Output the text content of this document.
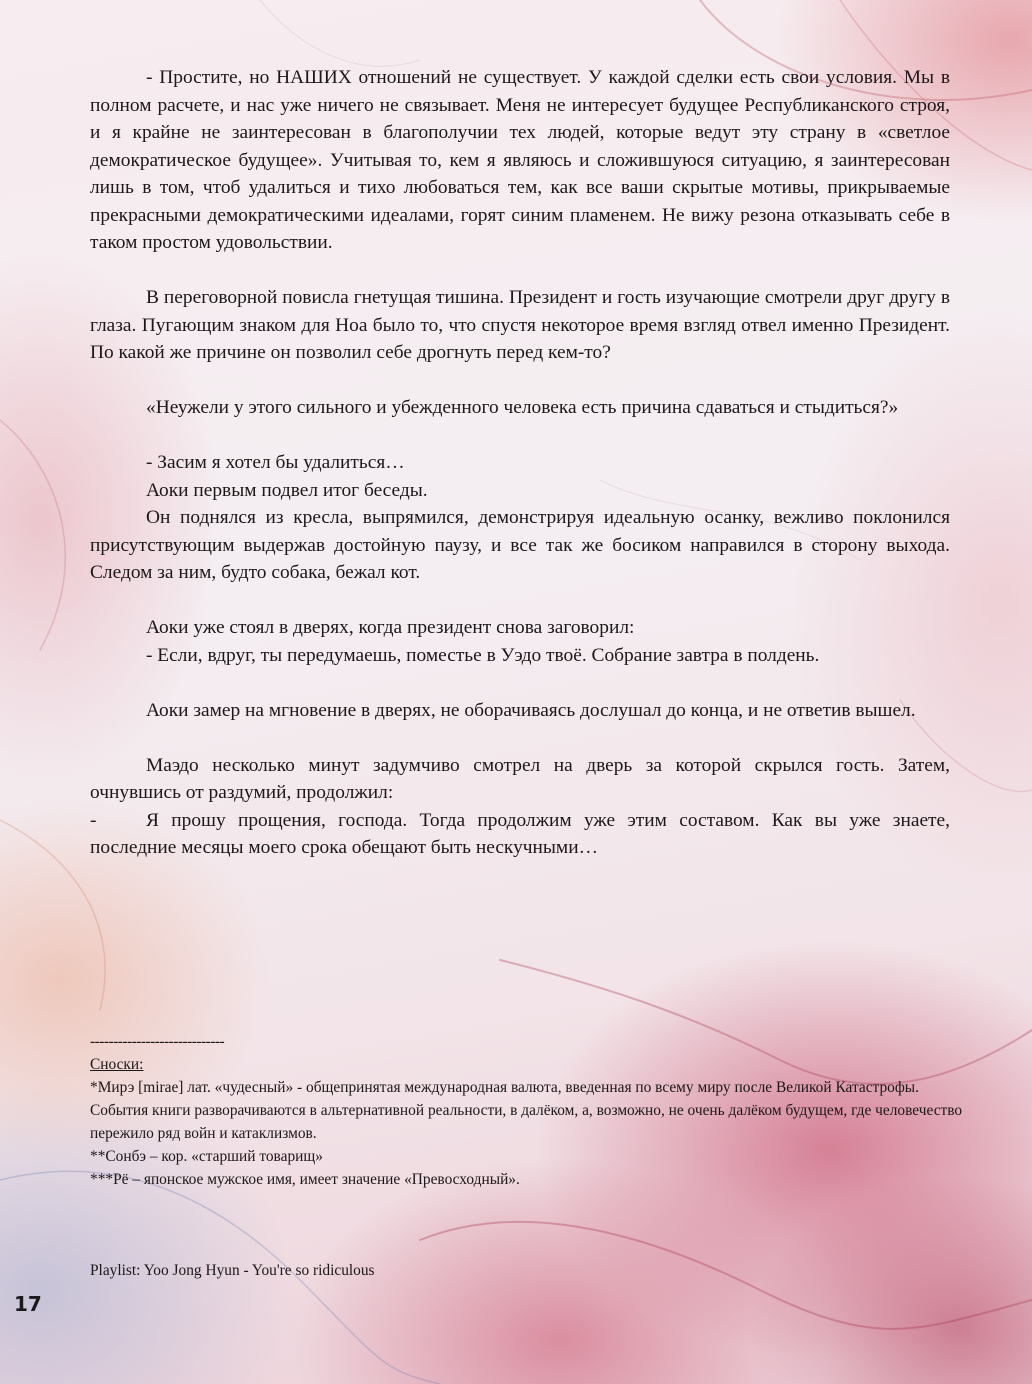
- Простите, но НАШИХ отношений не существует. У каждой сделки есть свои условия. Мы в полном расчете, и нас уже ничего не связывает. Меня не интересует будущее Республиканского строя, и я крайне не заинтересован в благополучии тех людей, которые ведут эту страну в «светлое демократическое будущее». Учитывая то, кем я являюсь и сложившуюся ситуацию, я заинтересован лишь в том, чтоб удалиться и тихо любоваться тем, как все ваши скрытые мотивы, прикрываемые прекрасными демократическими идеалами, горят синим пламенем. Не вижу резона отказывать себе в таком простом удовольствии.

В переговорной повисла гнетущая тишина. Президент и гость изучающие смотрели друг другу в глаза. Пугающим знаком для Ноа было то, что спустя некоторое время взгляд отвел именно Президент. По какой же причине он позволил себе дрогнуть перед кем-то?

«Неужели у этого сильного и убежденного человека есть причина сдаваться и стыдиться?»

- Засим я хотел бы удалиться…

Аоки первым подвел итог беседы.

Он поднялся из кресла, выпрямился, демонстрируя идеальную осанку, вежливо поклонился присутствующим выдержав достойную паузу, и все так же босиком направился в сторону выхода. Следом за ним, будто собака, бежал кот.

Аоки уже стоял в дверях, когда президент снова заговорил:

- Если, вдруг, ты передумаешь, поместье в Уэдо твоё. Собрание завтра в полдень.

Аоки замер на мгновение в дверях, не оборачиваясь дослушал до конца, и не ответив вышел.

Маэдо несколько минут задумчиво смотрел на дверь за которой скрылся гость. Затем, очнувшись от раздумий, продолжил:

-	Я прошу прощения, господа. Тогда продолжим уже этим составом. Как вы уже знаете, последние месяцы моего срока обещают быть нескучными…

-----------------------------

Сноски:

*Мирэ [mirae] лат. «чудесный» - общепринятая международная валюта, введенная по всему миру после Великой Катастрофы. События книги разворачиваются в альтернативной реальности, в далёком, а, возможно, не очень далёком будущем, где человечество пережило ряд войн и катаклизмов.

**Сонбэ – кор. «старший товарищ»

***Рё – японское мужское имя, имеет значение «Превосходный».

Playlist: Yoo Jong Hyun - You're so ridiculous
17
